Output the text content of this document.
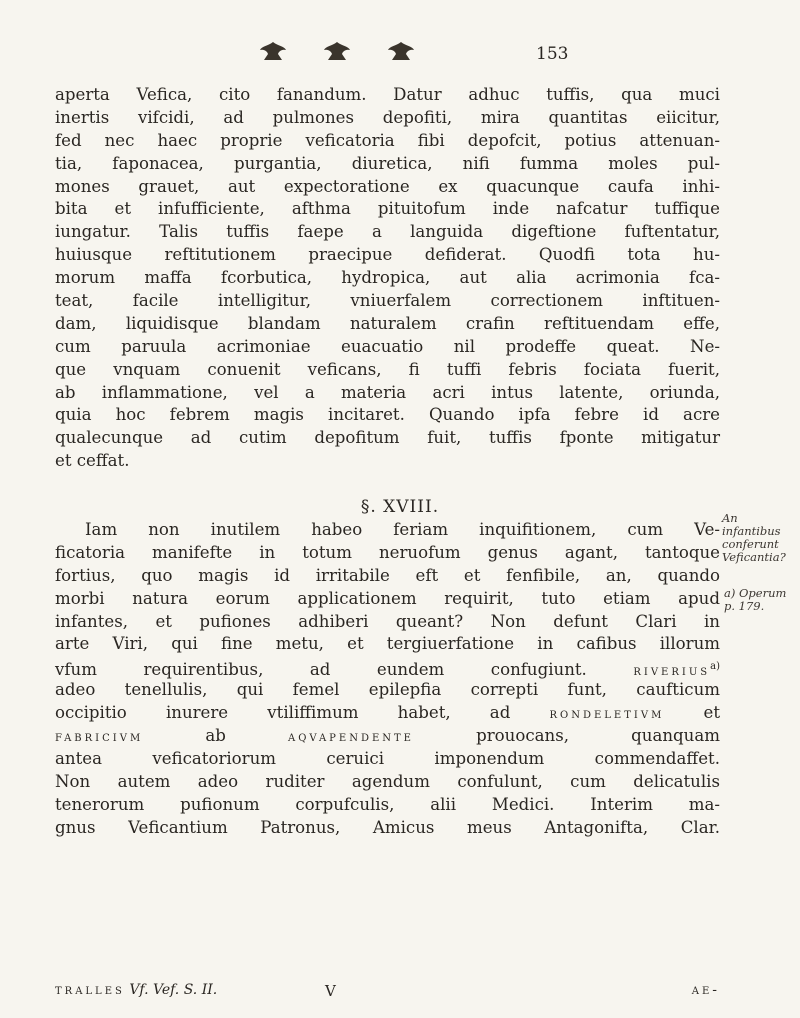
153
aperta Vefica, cito fanandum. Datur adhuc tuffis, qua muci
inertis vifcidi, ad pulmones depofiti, mira quantitas eiicitur,
fed nec haec proprie veficatoria fibi depofcit, potius attenuan-
tia, faponacea, purgantia, diuretica, nifi fumma moles pul-
mones grauet, aut expectoratione ex quacunque caufa inhi-
bita et infufficiente, afthma pituitofum inde nafcatur tuffique
iungatur. Talis tuffis faepe a languida digeftione fuftentatur,
huiusque reftitutionem praecipue defiderat. Quodfi tota hu-
morum maffa fcorbutica, hydropica, aut alia acrimonia fca-
teat, facile intelligitur, vniuerfalem correctionem inftituen-
dam, liquidisque blandam naturalem crafin reftituendam effe,
cum paruula acrimoniae euacuatio nil prodeffe queat. Ne-
que vnquam conuenit veficans, fi tuffi febris fociata fuerit,
ab inflammatione, vel a materia acri intus latente, oriunda,
quia hoc febrem magis incitaret. Quando ipfa febre id acre
qualecunque ad cutim depofitum fuit, tuffis fponte mitigatur
et ceffat.
§. XVIII.
Iam non inutilem habeo feriam inquifitionem, cum Ve-
ficatoria manifefte in totum neruofum genus agant, tantoque
fortius, quo magis id irritabile eft et fenfibile, an, quando
morbi natura eorum applicationem requirit, tuto etiam apud
infantes, et pufiones adhiberi queant? Non defunt Clari in
arte Viri, qui fine metu, et tergiuerfatione in cafibus illorum
vfum requirentibus, ad eundem confugiunt.	riverius$^{a)}$
adeo tenellulis, qui femel epilepfia correpti funt, caufticum
occipitio inurere vtiliffimum habet, ad	rondeletivm et
fabricivm	ab	aqvapendente	prouocans, quanquam
antea veficatoriorum ceruici imponendum commendaffet.
Non autem adeo ruditer agendum confulunt, cum delicatulis
tenerorum pufionum corpufculis, alii Medici. Interim ma-
gnus Veficantium Patronus, Amicus meus Antagonifta, Clar.
An infantibus conferunt Veficantia?
a) Operum p. 179.
tralles Vf. Vef. S. II.	V	ae-
